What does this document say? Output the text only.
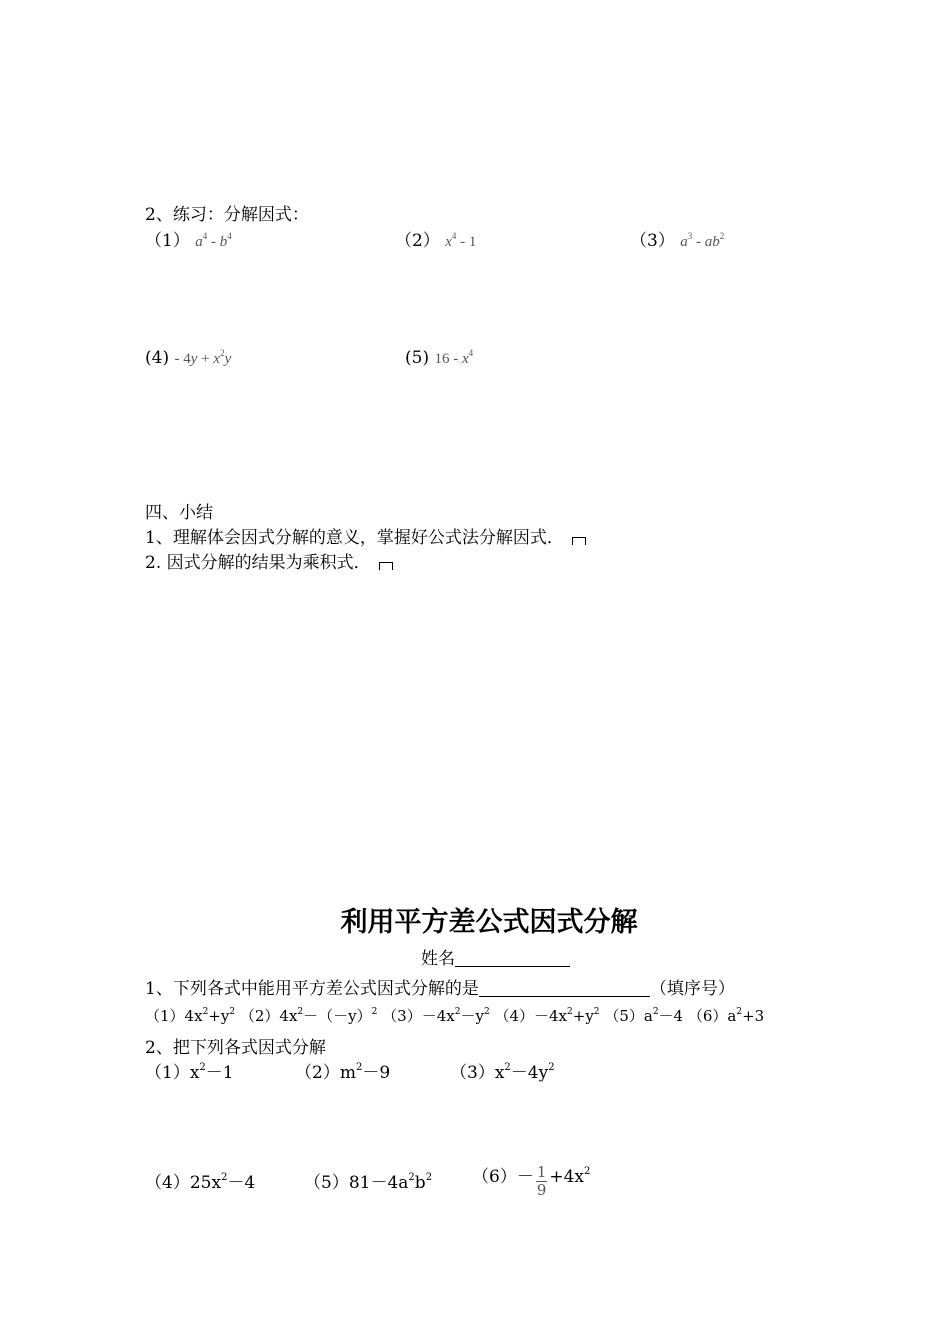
2、练习：分解因式：
（1） $a^4 - b^4$	（2） $x^4 - 1$	（3） $a^3 - ab^2$
$(4) - 4y + x^2y$	(5) $16 - x^4$
四、小结
1、理解体会因式分解的意义，掌握好公式法分解因式．
2. 因式分解的结果为乘积式．
利用平方差公式因式分解
姓名
1、下列各式中能用平方差公式因式分解的是	（填序号）
$(1)4x^2+y^2$ $(2)4x^2-(-y)^2$ $(3)-4x^2-y^2$ $(4)-4x^2+y^2$ $(5)a^2-4$ $(6)a^2+3$
2、把下列各式因式分解
$(1)x^2-1$	$(2)m^2-9$	$(3)x^2-4y^2$
$(4)25x^2-4$	$(5)81-4a^2b^2$ $(6)- \frac{1}{9} +4x^2$
